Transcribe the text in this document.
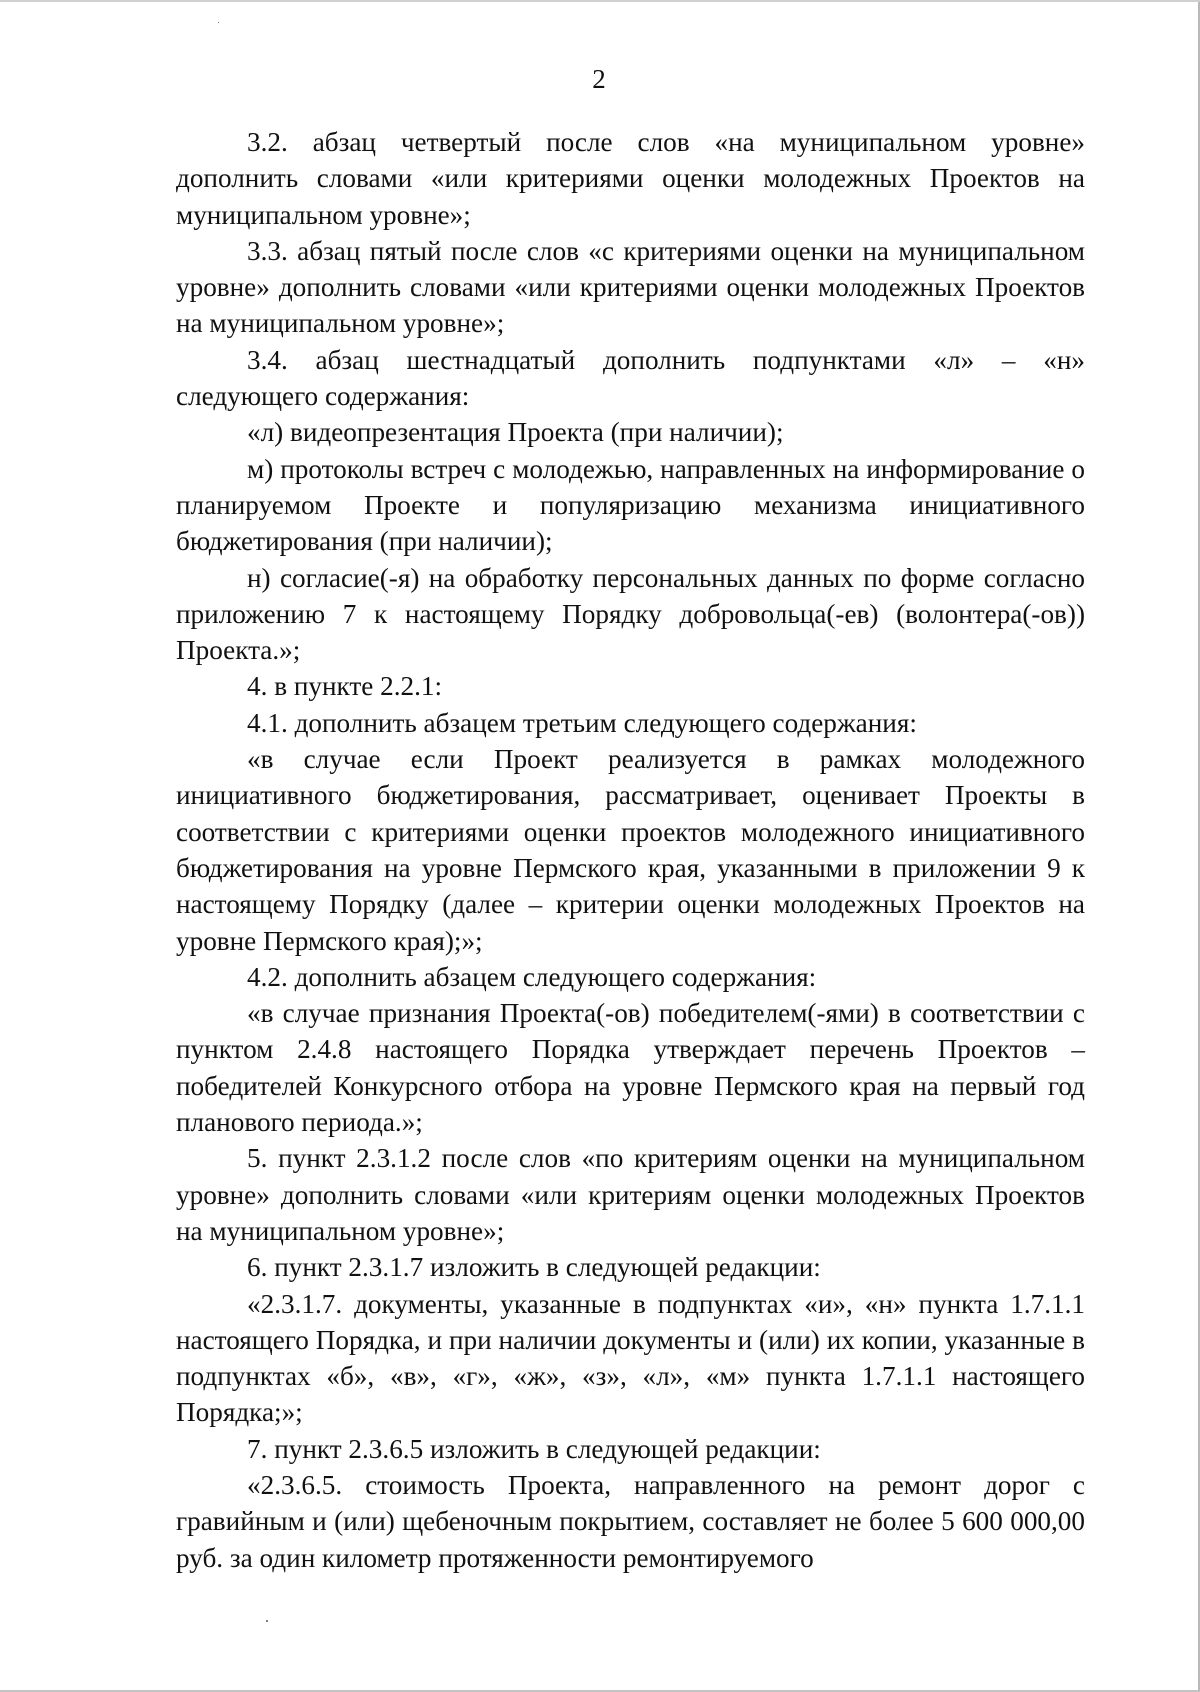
2

3.2. абзац четвертый после слов «на муниципальном уровне» дополнить словами «или критериями оценки молодежных Проектов на муниципальном уровне»;

3.3. абзац пятый после слов «с критериями оценки на муниципальном уровне» дополнить словами «или критериями оценки молодежных Проектов на муниципальном уровне»;

3.4. абзац шестнадцатый дополнить подпунктами «л» – «н» следующего содержания:

«л) видеопрезентация Проекта (при наличии);

м) протоколы встреч с молодежью, направленных на информирование о планируемом Проекте и популяризацию механизма инициативного бюджетирования (при наличии);

н) согласие(-я) на обработку персональных данных по форме согласно приложению 7 к настоящему Порядку добровольца(-ев) (волонтера(-ов)) Проекта.»;

4. в пункте 2.2.1:

4.1. дополнить абзацем третьим следующего содержания:

«в случае если Проект реализуется в рамках молодежного инициативного бюджетирования, рассматривает, оценивает Проекты в соответствии с критериями оценки проектов молодежного инициативного бюджетирования на уровне Пермского края, указанными в приложении 9 к настоящему Порядку (далее – критерии оценки молодежных Проектов на уровне Пермского края);»;

4.2. дополнить абзацем следующего содержания:

«в случае признания Проекта(-ов) победителем(-ями) в соответствии с пунктом 2.4.8 настоящего Порядка утверждает перечень Проектов – победителей Конкурсного отбора на уровне Пермского края на первый год планового периода.»;

5. пункт 2.3.1.2 после слов «по критериям оценки на муниципальном уровне» дополнить словами «или критериям оценки молодежных Проектов на муниципальном уровне»;

6. пункт 2.3.1.7 изложить в следующей редакции:

«2.3.1.7. документы, указанные в подпунктах «и», «н» пункта 1.7.1.1 настоящего Порядка, и при наличии документы и (или) их копии, указанные в подпунктах «б», «в», «г», «ж», «з», «л», «м» пункта 1.7.1.1 настоящего Порядка;»;

7. пункт 2.3.6.5 изложить в следующей редакции:

«2.3.6.5. стоимость Проекта, направленного на ремонт дорог с гравийным и (или) щебеночным покрытием, составляет не более 5 600 000,00 руб. за один километр протяженности ремонтируемого
